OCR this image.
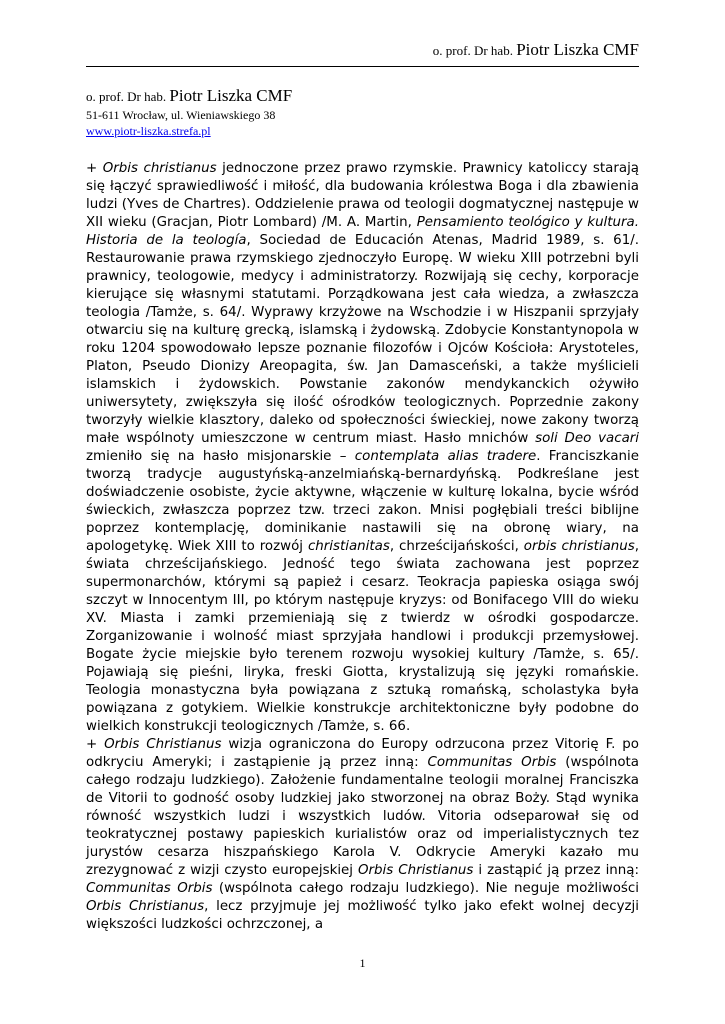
o. prof. Dr hab. Piotr Liszka CMF
o. prof. Dr hab. Piotr Liszka CMF
51-611 Wrocław, ul. Wieniawskiego 38
www.piotr-liszka.strefa.pl

+ Orbis christianus jednoczone przez prawo rzymskie. Prawnicy katoliccy starają się łączyć sprawiedliwość i miłość, dla budowania królestwa Boga i dla zbawienia ludzi (Yves de Chartres). Oddzielenie prawa od teologii dogmatycznej następuje w XII wieku (Gracjan, Piotr Lombard) /M. A. Martin, Pensamiento teológico y kultura. Historia de la teología, Sociedad de Educación Atenas, Madrid 1989, s. 61/. Restaurowanie prawa rzymskiego zjednoczyło Europę. W wieku XIII potrzebni byli prawnicy, teologowie, medycy i administratorzy. Rozwijają się cechy, korporacje kierujące się własnymi statutami. Porządkowana jest cała wiedza, a zwłaszcza teologia /Tamże, s. 64/. Wyprawy krzyżowe na Wschodzie i w Hiszpanii sprzyjały otwarciu się na kulturę grecką, islamską i żydowską. Zdobycie Konstantynopola w roku 1204 spowodowało lepsze poznanie filozofów i Ojców Kościoła: Arystoteles, Platon, Pseudo Dionizy Areopagita, św. Jan Damasceński, a także myślicieli islamskich i żydowskich. Powstanie zakonów mendykanckich ożywiło uniwersytety, zwiększyła się ilość ośrodków teologicznych. Poprzednie zakony tworzyły wielkie klasztory, daleko od społeczności świeckiej, nowe zakony tworzą małe wspólnoty umieszczone w centrum miast. Hasło mnichów soli Deo vacari zmieniło się na hasło misjonarskie – contemplata alias tradere. Franciszkanie tworzą tradycje augustyńską-anzelmiańską-bernardyńską. Podkreślane jest doświadczenie osobiste, życie aktywne, włączenie w kulturę lokalna, bycie wśród świeckich, zwłaszcza poprzez tzw. trzeci zakon. Mnisi pogłębiali treści biblijne poprzez kontemplację, dominikanie nastawili się na obronę wiary, na apologetykę. Wiek XIII to rozwój christianitas, chrześcijańskości, orbis christianus, świata chrześcijańskiego. Jedność tego świata zachowana jest poprzez supermonarchów, którymi są papież i cesarz. Teokracja papieska osiąga swój szczyt w Innocentym III, po którym następuje kryzys: od Bonifacego VIII do wieku XV. Miasta i zamki przemieniają się z twierdz w ośrodki gospodarcze. Zorganizowanie i wolność miast sprzyjała handlowi i produkcji przemysłowej. Bogate życie miejskie było terenem rozwoju wysokiej kultury /Tamże, s. 65/. Pojawiają się pieśni, liryka, freski Giotta, krystalizują się języki romańskie. Teologia monastyczna była powiązana z sztuką romańską, scholastyka była powiązana z gotykiem. Wielkie konstrukcje architektoniczne były podobne do wielkich konstrukcji teologicznych /Tamże, s. 66.

+ Orbis Christianus wizja ograniczona do Europy odrzucona przez Vitorię F. po odkryciu Ameryki; i zastąpienie ją przez inną: Communitas Orbis (wspólnota całego rodzaju ludzkiego). Założenie fundamentalne teologii moralnej Franciszka de Vitorii to godność osoby ludzkiej jako stworzonej na obraz Boży. Stąd wynika równość wszystkich ludzi i wszystkich ludów. Vitoria odseparował się od teokratycznej postawy papieskich kurialistów oraz od imperialistycznych tez jurystów cesarza hiszpańskiego Karola V. Odkrycie Ameryki kazało mu zrezygnować z wizji czysto europejskiej Orbis Christianus i zastąpić ją przez inną: Communitas Orbis (wspólnota całego rodzaju ludzkiego). Nie neguje możliwości Orbis Christianus, lecz przyjmuje jej możliwość tylko jako efekt wolnej decyzji większości ludzkości ochrzczonej, a

1
